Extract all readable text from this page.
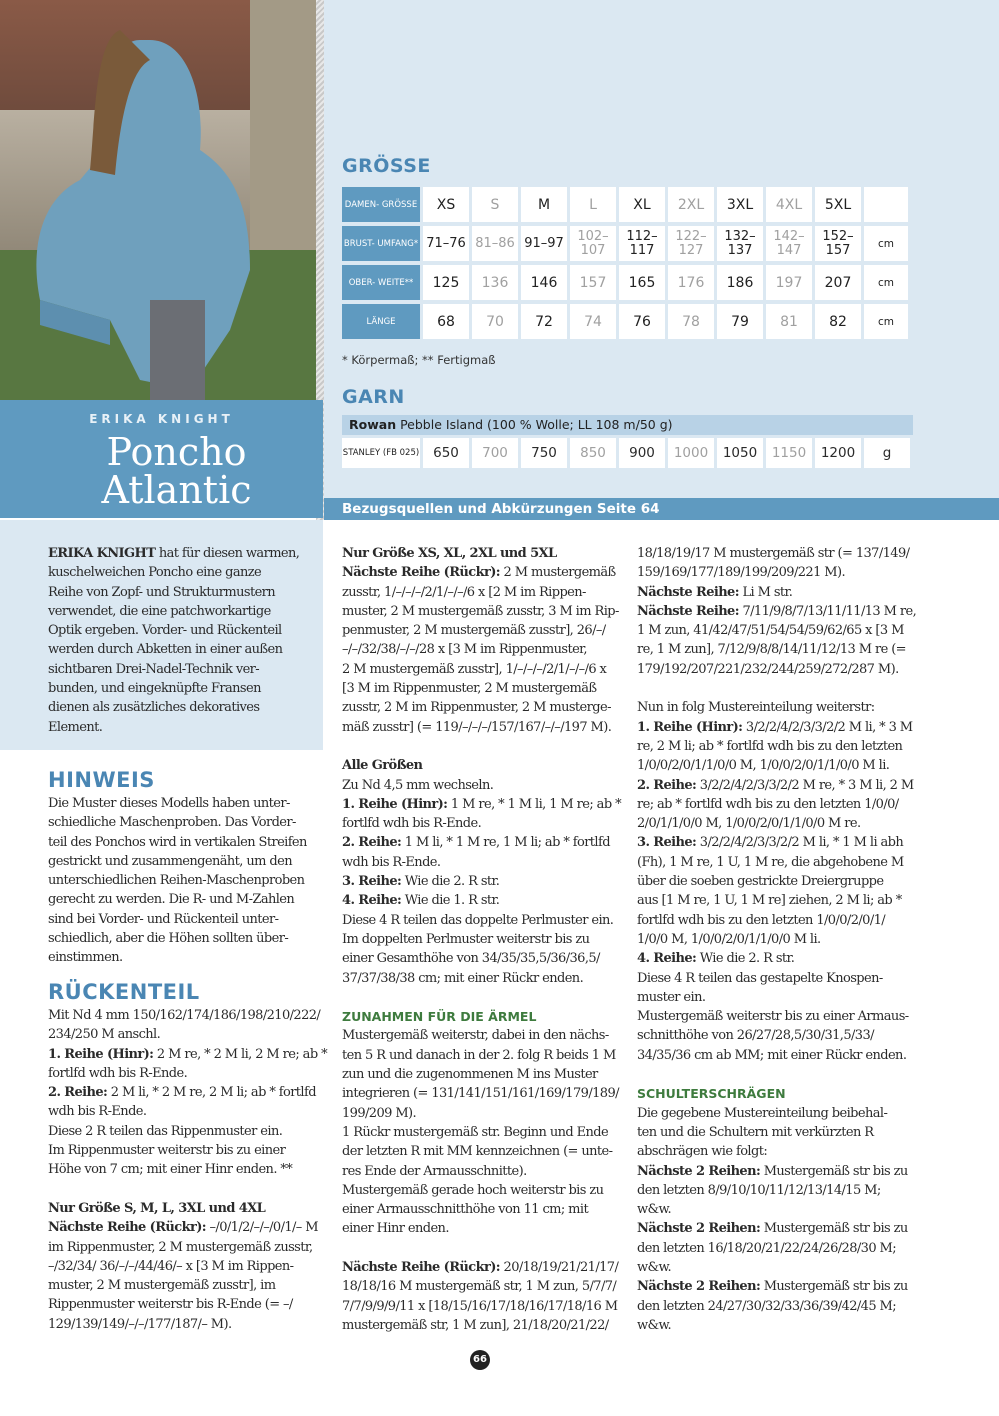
ERIKA KNIGHT
Poncho
Atlantic
GRÖSSE
DAMEN- GRÖSSE	XS	S	M	L	XL	2XL	3XL	4XL	5XL	
BRUST- UMFANG*	71–76	81–86	91–97	102– 107	112–117	122– 127	132– 137	142– 147	152– 157	cm
OBER- WEITE**	125	136	146	157	165	176	186	197	207	cm
LÄNGE	68	70	72	74	76	78	79	81	82	cm
* Körpermaß; ** Fertigmaß
GARN
Rowan Pebble Island (100 % Wolle; LL 108 m/50 g)
STANLEY (FB 025)	650	700	750	850	900	1000	1050	1150	1200	g
Bezugsquellen und Abkürzungen Seite 64

ERIKA KNIGHT hat für diesen warmen,

kuschelweichen Poncho eine ganze

Reihe von Zopf- und Strukturmustern

verwendet, die eine patchworkartige

Optik ergeben. Vorder- und Rückenteil

werden durch Abketten in einer außen

sichtbaren Drei-Nadel-Technik ver-

bunden, und eingeknüpfte Fransen

dienen als zusätzliches dekoratives

Element.

HINWEIS

Die Muster dieses Modells haben unter-

schiedliche Maschenproben. Das Vorder-

teil des Ponchos wird in vertikalen Streifen

gestrickt und zusammengenäht, um den

unterschiedlichen Reihen-Maschenproben

gerecht zu werden. Die R- und M-Zahlen

sind bei Vorder- und Rückenteil unter-

schiedlich, aber die Höhen sollten über-

einstimmen.

RÜCKENTEIL

Mit Nd 4 mm 150/162/174/186/198/210/222/

234/250 M anschl.

1. Reihe (Hinr): 2 M re, * 2 M li, 2 M re; ab *

fortlfd wdh bis R-Ende.

2. Reihe: 2 M li, * 2 M re, 2 M li; ab * fortlfd

wdh bis R-Ende.

Diese 2 R teilen das Rippenmuster ein.

Im Rippenmuster weiterstr bis zu einer

Höhe von 7 cm; mit einer Hinr enden. **

Nur Größe S, M, L, 3XL und 4XL

Nächste Reihe (Rückr): –/0/1/2/–/–/0/1/– M

im Rippenmuster, 2 M mustergemäß zusstr,

–/32/34/ 36/–/–/44/46/– x [3 M im Rippen-

muster, 2 M mustergemäß zusstr], im

Rippenmuster weiterstr bis R-Ende (= –/

129/139/149/–/–/177/187/– M).

Nur Größe XS, XL, 2XL und 5XL

Nächste Reihe (Rückr): 2 M mustergemäß

zusstr, 1/–/–/–/2/1/–/–/6 x [2 M im Rippen-

muster, 2 M mustergemäß zusstr, 3 M im Rip-

penmuster, 2 M mustergemäß zusstr], 26/–/

–/–/32/38/–/–/28 x [3 M im Rippenmuster,

2 M mustergemäß zusstr], 1/–/–/–/2/1/–/–/6 x

[3 M im Rippenmuster, 2 M mustergemäß

zusstr, 2 M im Rippenmuster, 2 M mustergе-

mäß zusstr] (= 119/–/–/–/157/167/–/–/197 M).

Alle Größen

Zu Nd 4,5 mm wechseln.

1. Reihe (Hinr): 1 M re, * 1 M li, 1 M re; ab *

fortlfd wdh bis R-Ende.

2. Reihe: 1 M li, * 1 M re, 1 M li; ab * fortlfd

wdh bis R-Ende.

3. Reihe: Wie die 2. R str.

4. Reihe: Wie die 1. R str.

Diese 4 R teilen das doppelte Perlmuster ein.

Im doppelten Perlmuster weiterstr bis zu

einer Gesamthöhe von 34/35/35,5/36/36,5/

37/37/38/38 cm; mit einer Rückr enden.

ZUNAHMEN FÜR DIE ÄRMEL

Mustergemäß weiterstr, dabei in den nächs-

ten 5 R und danach in der 2. folg R beids 1 M

zun und die zugenommenen M ins Muster

integrieren (= 131/141/151/161/169/179/189/

199/209 M).

1 Rückr mustergemäß str. Beginn und Ende

der letzten R mit MM kennzeichnen (= unte-

res Ende der Armausschnitte).

Mustergemäß gerade hoch weiterstr bis zu

einer Armausschnitthöhe von 11 cm; mit

einer Hinr enden.

Nächste Reihe (Rückr): 20/18/19/21/21/17/

18/18/16 M mustergemäß str, 1 M zun, 5/7/7/

7/7/9/9/9/11 x [18/15/16/17/18/16/17/18/16 M

mustergemäß str, 1 M zun], 21/18/20/21/22/

18/18/19/17 M mustergemäß str (= 137/149/

159/169/177/189/199/209/221 M).

Nächste Reihe: Li M str.

Nächste Reihe: 7/11/9/8/7/13/11/11/13 M re,

1 M zun, 41/42/47/51/54/54/59/62/65 x [3 M

re, 1 M zun], 7/12/9/8/8/14/11/12/13 M re (=

179/192/207/221/232/244/259/272/287 M).

Nun in folg Mustereinteilung weiterstr:

1. Reihe (Hinr): 3/2/2/4/2/3/3/2/2 M li, * 3 M

re, 2 M li; ab * fortlfd wdh bis zu den letzten

1/0/0/2/0/1/1/0/0 M, 1/0/0/2/0/1/1/0/0 M li.

2. Reihe: 3/2/2/4/2/3/3/2/2 M re, * 3 M li, 2 M

re; ab * fortlfd wdh bis zu den letzten 1/0/0/

2/0/1/1/0/0 M, 1/0/0/2/0/1/1/0/0 M re.

3. Reihe: 3/2/2/4/2/3/3/2/2 M li, * 1 M li abh

(Fh), 1 M re, 1 U, 1 M re, die abgehobene M

über die soeben gestrickte Dreiergruppe

aus [1 M re, 1 U, 1 M re] ziehen, 2 M li; ab *

fortlfd wdh bis zu den letzten 1/0/0/2/0/1/

1/0/0 M, 1/0/0/2/0/1/1/0/0 M li.

4. Reihe: Wie die 2. R str.

Diese 4 R teilen das gestapelte Knospen-

muster ein.

Mustergemäß weiterstr bis zu einer Armaus-

schnitthöhe von 26/27/28,5/30/31,5/33/

34/35/36 cm ab MM; mit einer Rückr enden.

SCHULTERSCHRÄGEN

Die gegebene Mustereinteilung beibehal-

ten und die Schultern mit verkürzten R

abschrägen wie folgt:

Nächste 2 Reihen: Mustergemäß str bis zu

den letzten 8/9/10/10/11/12/13/14/15 M;

w&w.

Nächste 2 Reihen: Mustergemäß str bis zu

den letzten 16/18/20/21/22/24/26/28/30 M;

w&w.

Nächste 2 Reihen: Mustergemäß str bis zu

den letzten 24/27/30/32/33/36/39/42/45 M;

w&w.

66
